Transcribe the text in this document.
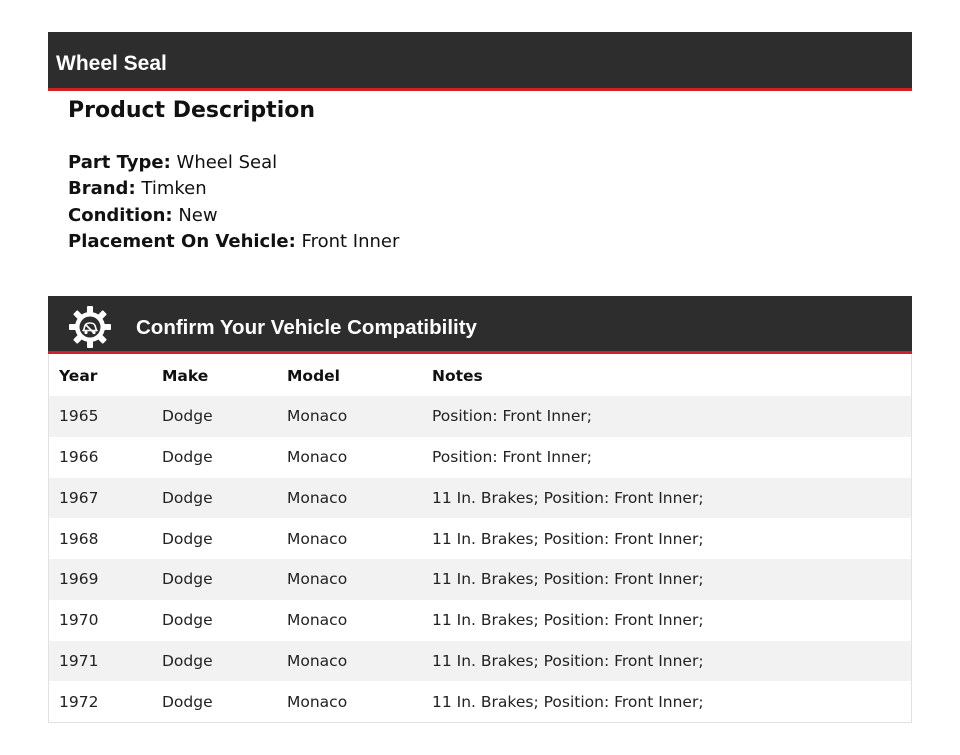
Wheel Seal
Product Description
Part Type: Wheel Seal
Brand: Timken
Condition: New
Placement On Vehicle: Front Inner
Confirm Your Vehicle Compatibility
Year	Make	Model	Notes
1965	Dodge	Monaco	Position: Front Inner;
1966	Dodge	Monaco	Position: Front Inner;
1967	Dodge	Monaco	11 In. Brakes; Position: Front Inner;
1968	Dodge	Monaco	11 In. Brakes; Position: Front Inner;
1969	Dodge	Monaco	11 In. Brakes; Position: Front Inner;
1970	Dodge	Monaco	11 In. Brakes; Position: Front Inner;
1971	Dodge	Monaco	11 In. Brakes; Position: Front Inner;
1972	Dodge	Monaco	11 In. Brakes; Position: Front Inner;
